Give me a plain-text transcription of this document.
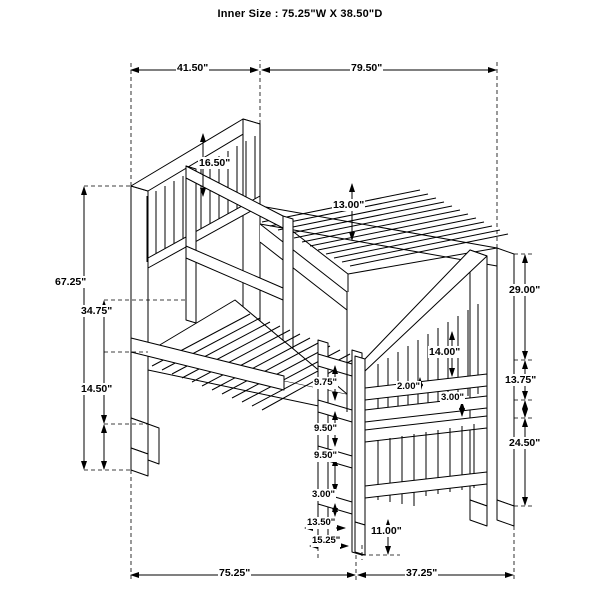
Inner Size : 75.25"W X 38.50"D
41.50"	79.50"
16.50"
13.00"
67.25"
34.75"
14.50"
9.75"
9.50"
9.50"
3.00"
13.50"
15.25"
11.00"
2.00"
14.00"
3.00"
29.00"
13.75"
24.50"
75.25"	37.25"
